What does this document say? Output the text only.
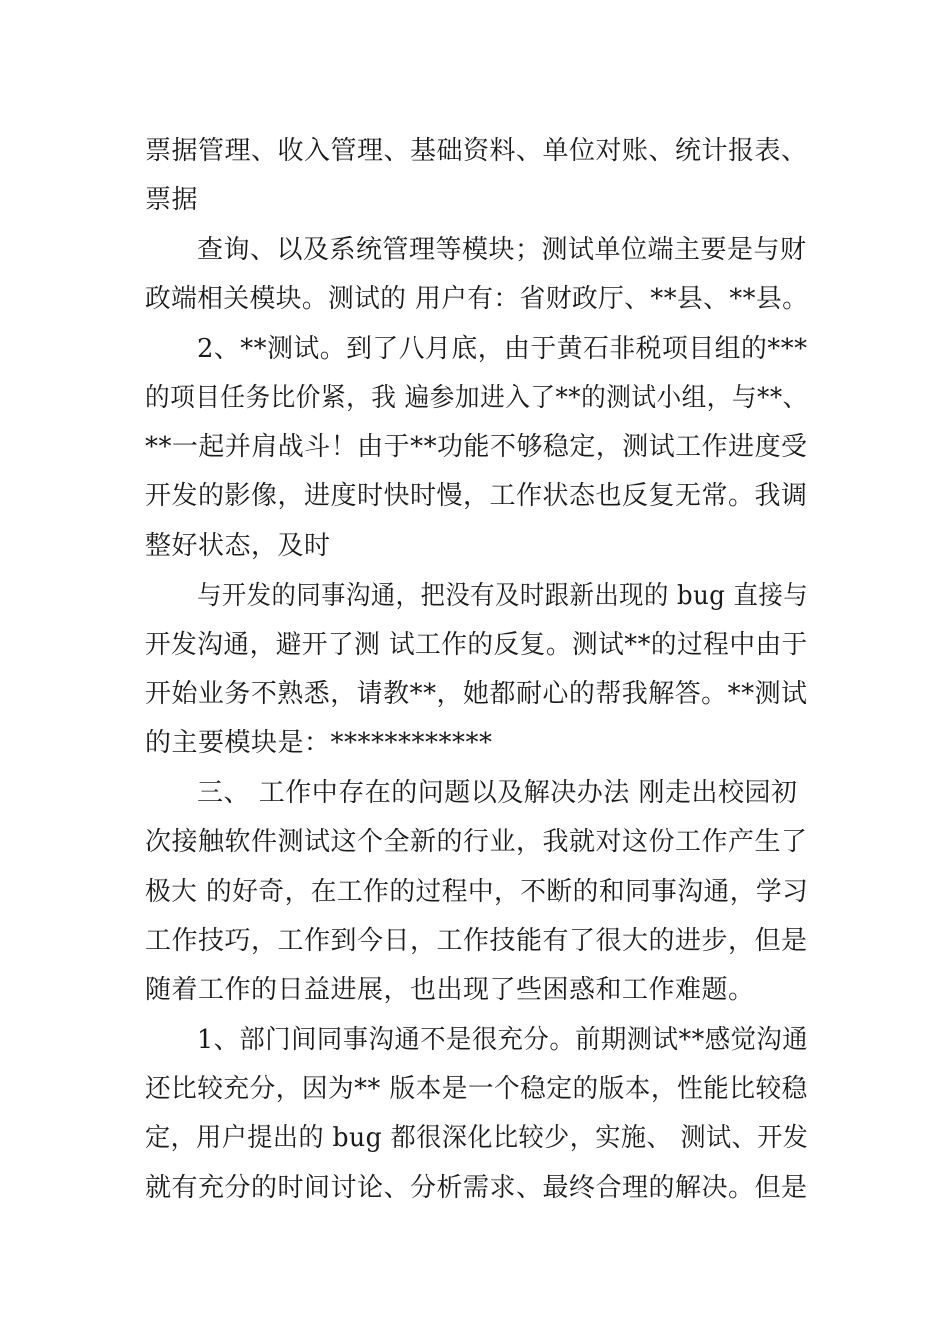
票据管理、收入管理、基础资料、单位对账、统计报表、

票据

查询、以及系统管理等模块；测试单位端主要是与财

政端相关模块。测试的 用户有：省财政厅、**县、**县。

2、**测试。到了八月底，由于黄石非税项目组的***

的项目任务比价紧，我 遍参加进入了**的测试小组，与**、

**一起并肩战斗！由于**功能不够稳定，测试工作进度受

开发的影像，进度时快时慢，工作状态也反复无常。我调

整好状态，及时

与开发的同事沟通，把没有及时跟新出现的 bug 直接与

开发沟通，避开了测 试工作的反复。测试**的过程中由于

开始业务不熟悉，请教**，她都耐心的帮我解答。**测试

的主要模块是：************

三、 工作中存在的问题以及解决办法 刚走出校园初

次接触软件测试这个全新的行业，我就对这份工作产生了

极大 的好奇，在工作的过程中，不断的和同事沟通，学习

工作技巧，工作到今日，工作技能有了很大的进步，但是

随着工作的日益进展，也出现了些困惑和工作难题。

1、部门间同事沟通不是很充分。前期测试**感觉沟通

还比较充分，因为** 版本是一个稳定的版本，性能比较稳

定，用户提出的 bug 都很深化比较少，实施、 测试、开发

就有充分的时间讨论、分析需求、最终合理的解决。但是
